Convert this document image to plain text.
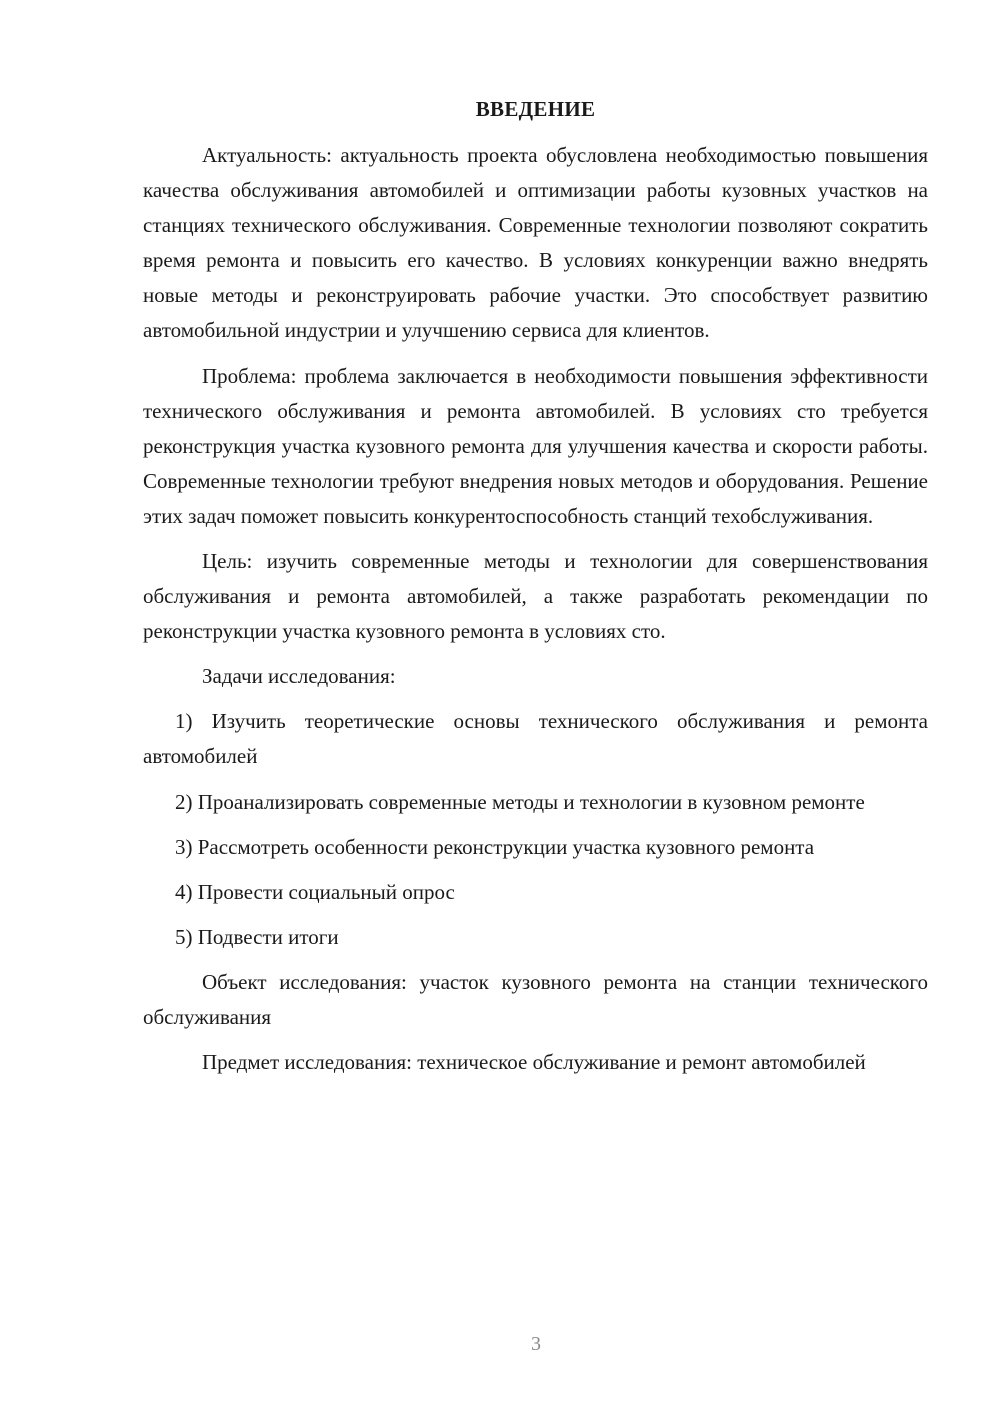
ВВЕДЕНИЕ

Актуальность: актуальность проекта обусловлена необходимостью повышения качества обслуживания автомобилей и оптимизации работы кузовных участков на станциях технического обслуживания. Современные технологии позволяют сократить время ремонта и повысить его качество. В условиях конкуренции важно внедрять новые методы и реконструировать рабочие участки. Это способствует развитию автомобильной индустрии и улучшению сервиса для клиентов.

Проблема: проблема заключается в необходимости повышения эффективности технического обслуживания и ремонта автомобилей. В условиях сто требуется реконструкция участка кузовного ремонта для улучшения качества и скорости работы. Современные технологии требуют внедрения новых методов и оборудования. Решение этих задач поможет повысить конкурентоспособность станций техобслуживания.

Цель: изучить современные методы и технологии для совершенствования обслуживания и ремонта автомобилей, а также разработать рекомендации по реконструкции участка кузовного ремонта в условиях сто.

Задачи исследования:

1) Изучить теоретические основы технического обслуживания и ремонта автомобилей

2) Проанализировать современные методы и технологии в кузовном ремонте

3) Рассмотреть особенности реконструкции участка кузовного ремонта

4) Провести социальный опрос

5) Подвести итоги

Объект исследования: участок кузовного ремонта на станции технического обслуживания

Предмет исследования: техническое обслуживание и ремонт автомобилей

3
